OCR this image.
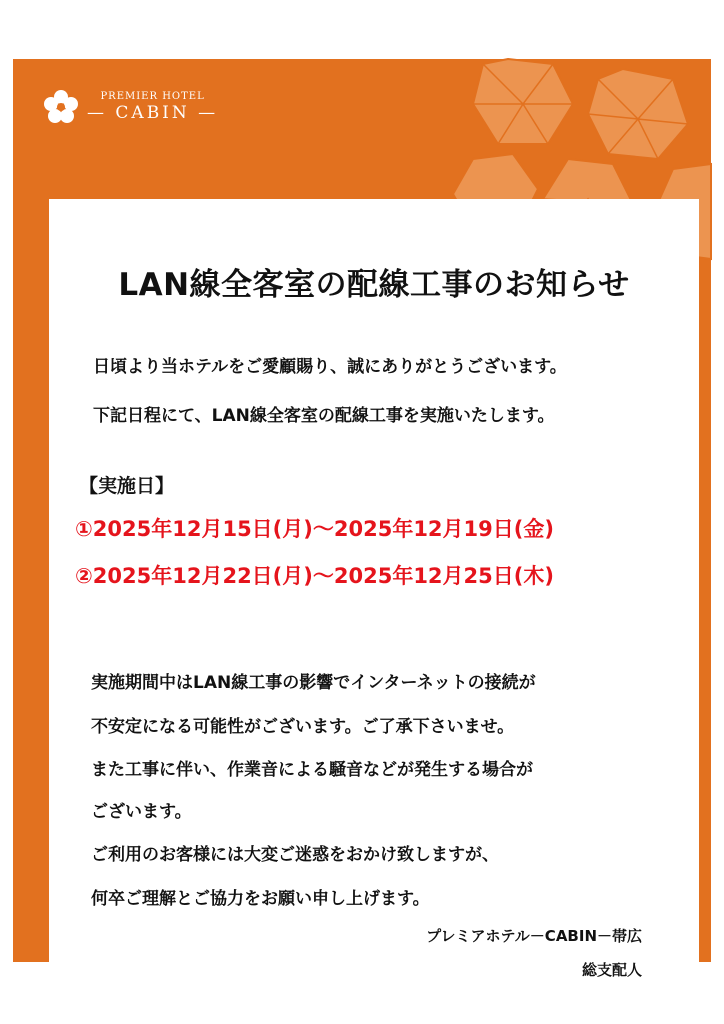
PREMIER HOTEL
— CABIN —
LAN線全客室の配線工事のお知らせ
日頃より当ホテルをご愛顧賜り、誠にありがとうございます。
下記日程にて、LAN線全客室の配線工事を実施いたします。
【実施日】
①2025年12月15日(月)～2025年12月19日(金)
②2025年12月22日(月)～2025年12月25日(木)
実施期間中はLAN線工事の影響でインターネットの接続が
不安定になる可能性がございます。ご了承下さいませ。
また工事に伴い、作業音による騒音などが発生する場合が
ございます。
ご利用のお客様には大変ご迷惑をおかけ致しますが、
何卒ご理解とご協力をお願い申し上げます。
プレミアホテル－CABIN－帯広
総支配人
